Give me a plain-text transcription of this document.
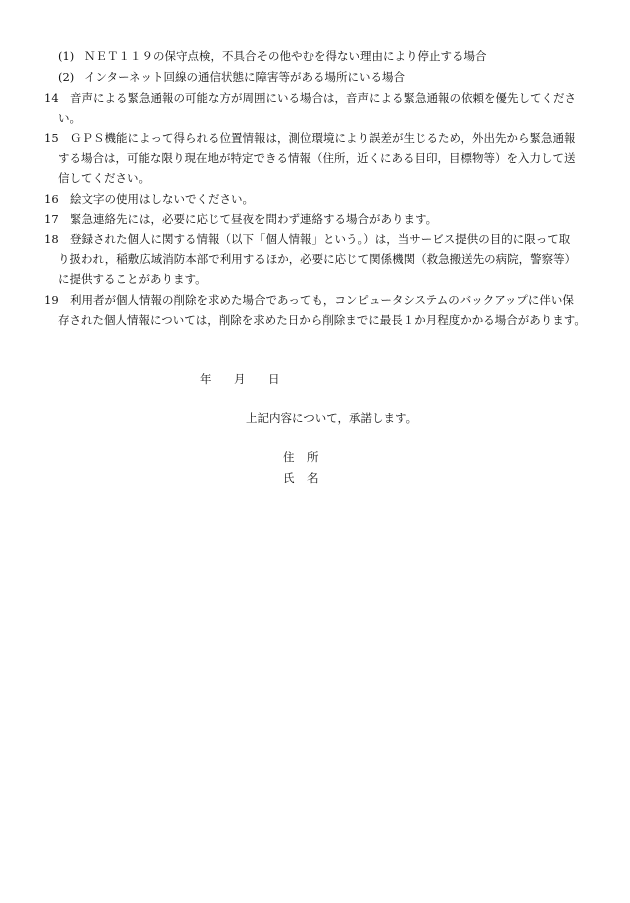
(1) ＮＥＴ１１９の保守点検，不具合その他やむを得ない理由により停止する場合
(2) インターネット回線の通信状態に障害等がある場所にいる場合
14 音声による緊急通報の可能な方が周囲にいる場合は，音声による緊急通報の依頼を優先してくださ
い。
15 ＧＰＳ機能によって得られる位置情報は，測位環境により誤差が生じるため，外出先から緊急通報
する場合は，可能な限り現在地が特定できる情報（住所，近くにある目印，目標物等）を入力して送
信してください。
16 絵文字の使用はしないでください。
17 緊急連絡先には，必要に応じて昼夜を問わず連絡する場合があります。
18 登録された個人に関する情報（以下「個人情報」という。）は，当サービス提供の目的に限って取
り扱われ，稲敷広域消防本部で利用するほか，必要に応じて関係機関（救急搬送先の病院，警察等）
に提供することがあります。
19 利用者が個人情報の削除を求めた場合であっても，コンピュータシステムのバックアップに伴い保
存された個人情報については，削除を求めた日から削除までに最長１か月程度かかる場合があります。
年 月 日
上記内容について，承諾します。
住 所
氏 名
